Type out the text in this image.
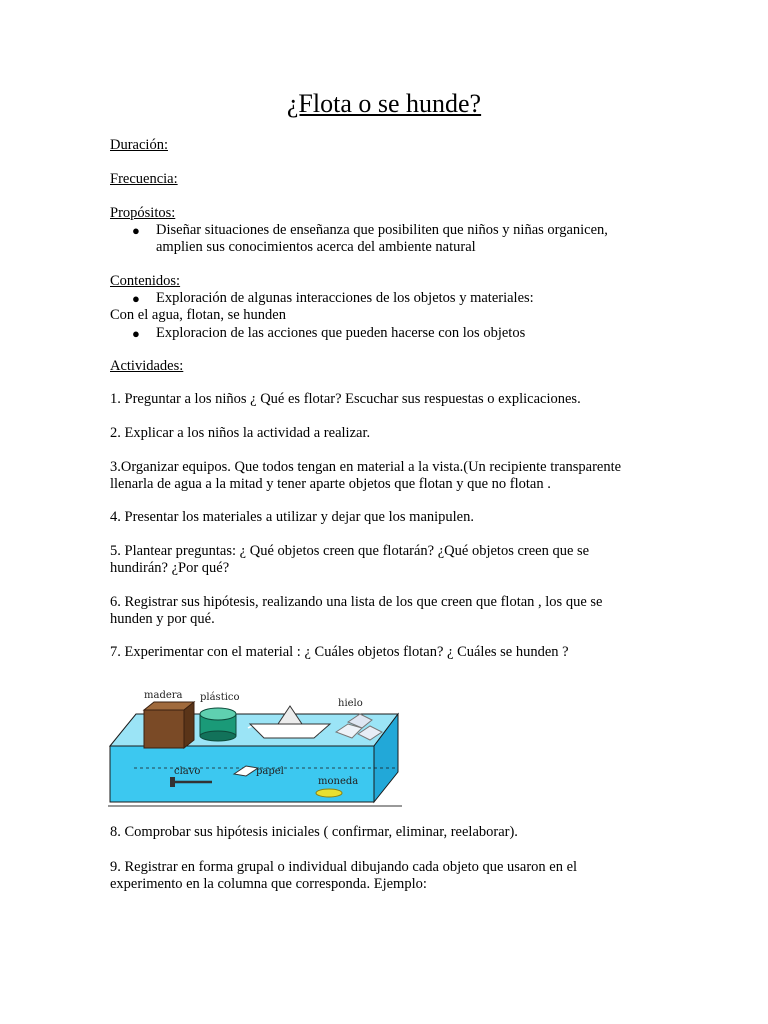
¿Flota o se hunde?
Duración:
Frecuencia:
Propósitos:
● Diseñar situaciones de enseñanza que posibiliten que niños y niñas organicen,
amplien sus conocimientos acerca del ambiente natural
Contenidos:
● Exploración de algunas interacciones de los objetos y materiales:
Con el agua, flotan, se hunden
● Exploracion de las acciones que pueden hacerse con los objetos
Actividades:
1. Preguntar a los niños ¿ Qué es flotar? Escuchar sus respuestas o explicaciones.
2. Explicar a los niños la actividad a realizar.
3.Organizar equipos. Que todos tengan en material a la vista.(Un recipiente transparente
llenarla de agua a la mitad y tener aparte objetos que flotan y que no flotan .
4. Presentar los materiales a utilizar y dejar que los manipulen.
5. Plantear preguntas: ¿ Qué objetos creen que flotarán? ¿Qué objetos creen que se
hundirán? ¿Por qué?
6. Registrar sus hipótesis, realizando una lista de los que creen que flotan , los que se
hunden y por qué.
7. Experimentar con el material : ¿ Cuáles objetos flotan? ¿ Cuáles se hunden ?
madera plástico
hielo
clavo	papel
moneda
8. Comprobar sus hipótesis iniciales ( confirmar, eliminar, reelaborar).
9. Registrar en forma grupal o individual dibujando cada objeto que usaron en el
experimento en la columna que corresponda. Ejemplo:
